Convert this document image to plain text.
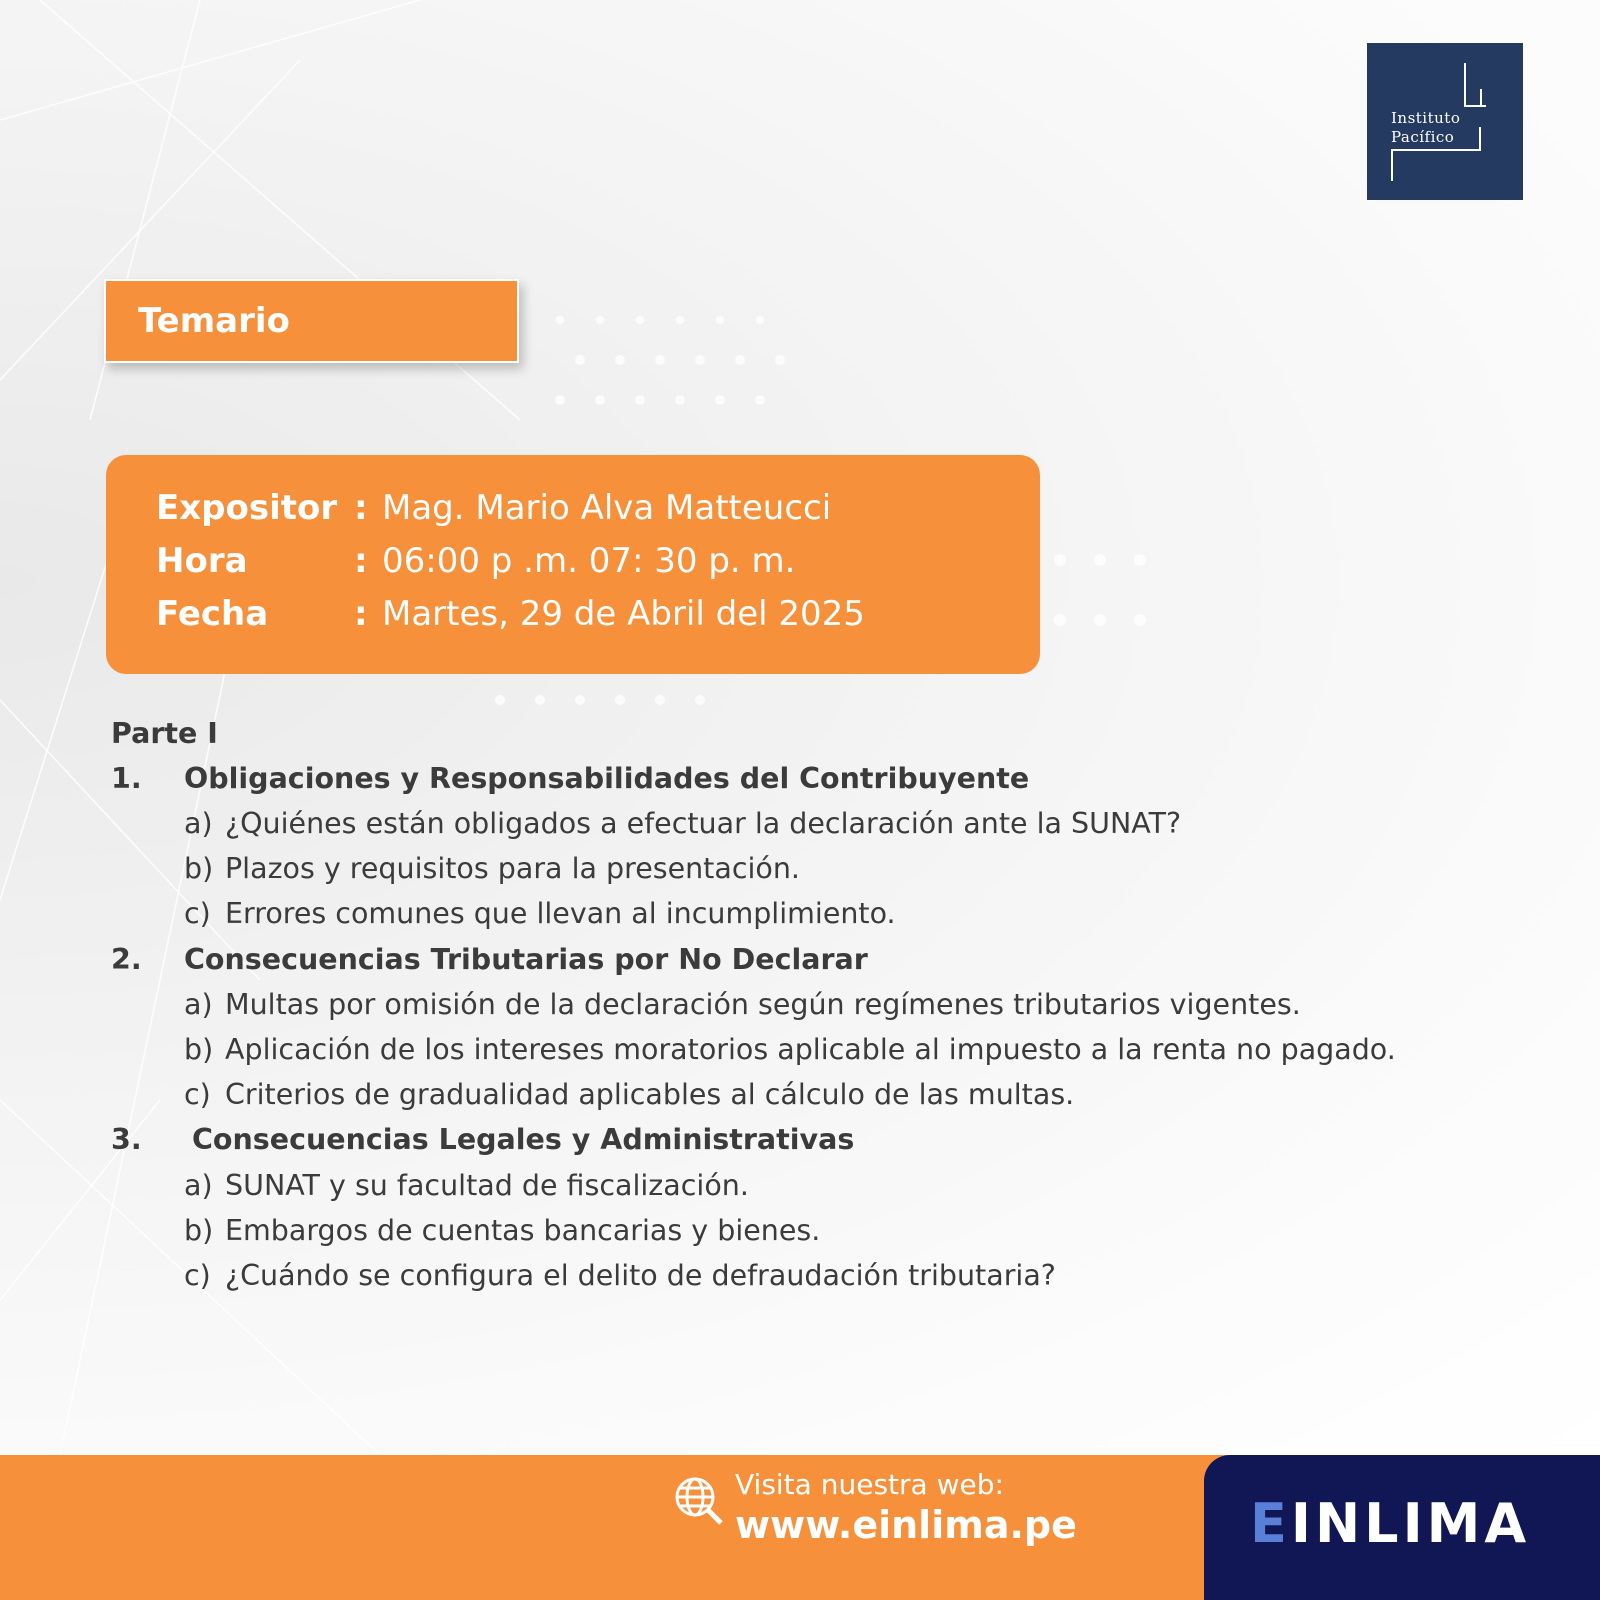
Instituto
Pacífico
Temario
Expositor : Mag. Mario Alva Matteucci
Hora	: 06:00 p .m. 07: 30 p. m.
Fecha	: Martes, 29 de Abril del 2025
Parte I
1. Obligaciones y Responsabilidades del Contribuyente
a) ¿Quiénes están obligados a efectuar la declaración ante la SUNAT?
b) Plazos y requisitos para la presentación.
c) Errores comunes que llevan al incumplimiento.
2. Consecuencias Tributarias por No Declarar
a) Multas por omisión de la declaración según regímenes tributarios vigentes.
b) Aplicación de los intereses moratorios aplicable al impuesto a la renta no pagado.
c) Criterios de gradualidad aplicables al cálculo de las multas.
3. Consecuencias Legales y Administrativas
a) SUNAT y su facultad de fiscalización.
b) Embargos de cuentas bancarias y bienes.
c) ¿Cuándo se configura el delito de defraudación tributaria?
Visita nuestra web:
www.einlima.pe	EINLIMA
